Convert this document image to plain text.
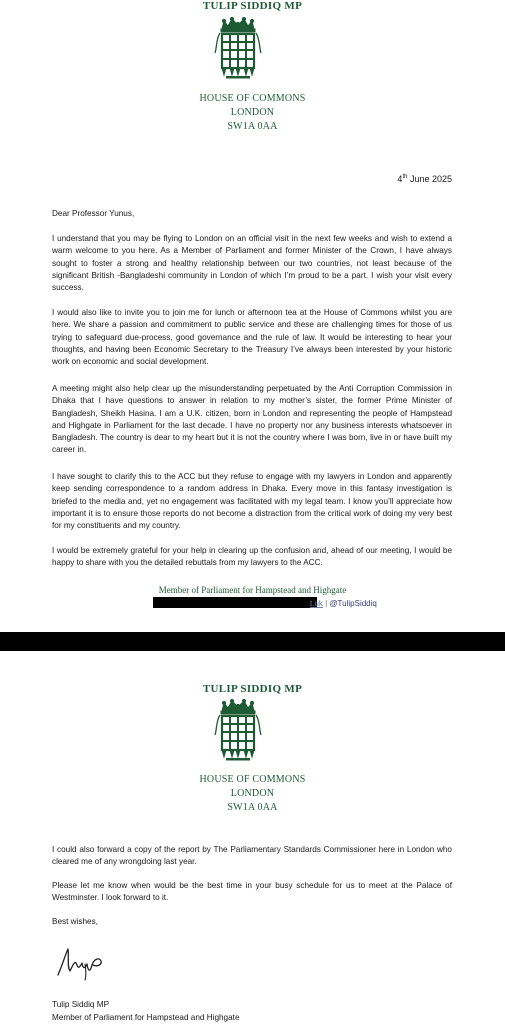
TULIP SIDDIQ MP
HOUSE OF COMMONS
LONDON
SW1A 0AA
4th June 2025

Dear Professor Yunus,

I understand that you may be flying to London on an official visit in the next few weeks and wish to extend a warm welcome to you here. As a Member of Parliament and former Minister of the Crown, I have always sought to foster a strong and healthy relationship between our two countries, not least because of the significant British -Bangladeshi community in London of which I’m proud to be a part. I wish your visit every success.

I would also like to invite you to join me for lunch or afternoon tea at the House of Commons whilst you are here. We share a passion and commitment to public service and these are challenging times for those of us trying to safeguard due-process, good governance and the rule of law. It would be interesting to hear your thoughts, and having been Economic Secretary to the Treasury I’ve always been interested by your historic work on economic and social development.

A meeting might also help clear up the misunderstanding perpetuated by the Anti Corruption Commission in Dhaka that I have questions to answer in relation to my mother’s sister, the former Prime Minister of Bangladesh, Sheikh Hasina. I am a U.K. citizen, born in London and representing the people of Hampstead and Highgate in Parliament for the last decade. I have no property nor any business interests whatsoever in Bangladesh. The country is dear to my heart but it is not the country where I was born, live in or have built my career in.

I have sought to clarify this to the ACC but they refuse to engage with my lawyers in London and apparently keep sending correspondence to a random address in Dhaka. Every move in this fantasy investigation is briefed to the media and, yet no engagement was facilitated with my legal team. I know you’ll appreciate how important it is to ensure those reports do not become a distraction from the critical work of doing my very best for my constituents and my country.

I would be extremely grateful for your help in clearing up the confusion and, ahead of our meeting, I would be happy to share with you the detailed rebuttals from my lawyers to the ACC.

Member of Parliament for Hampstead and Highgate
t.uk | @TulipSiddiq
TULIP SIDDIQ MP
HOUSE OF COMMONS
LONDON
SW1A 0AA

I could also forward a copy of the report by The Parliamentary Standards Commissioner here in London who cleared me of any wrongdoing last year.

Please let me know when would be the best time in your busy schedule for us to meet at the Palace of Westminster. I look forward to it.

Best wishes,

Tulip Siddiq MP
Member of Parliament for Hampstead and Highgate
